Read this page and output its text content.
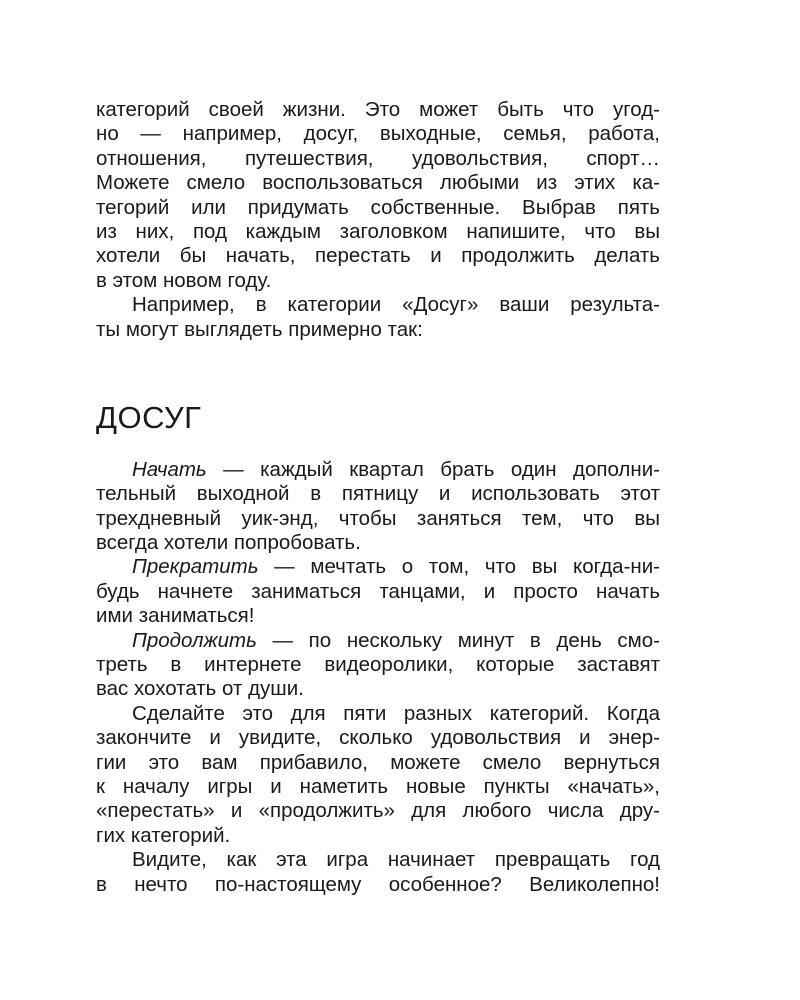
категорий своей жизни. Это может быть что угод-
но — например, досуг, выходные, семья, работа,
отношения, путешествия, удовольствия, спорт…
Можете смело воспользоваться любыми из этих ка-
тегорий или придумать собственные. Выбрав пять
из них, под каждым заголовком напишите, что вы
хотели бы начать, перестать и продолжить делать
в этом новом году.
Например, в категории «Досуг» ваши результа-
ты могут выглядеть примерно так:
ДОСУГ
Начать — каждый квартал брать один дополни-
тельный выходной в пятницу и использовать этот
трехдневный уик-энд, чтобы заняться тем, что вы
всегда хотели попробовать.
Прекратить — мечтать о том, что вы когда-ни-
будь начнете заниматься танцами, и просто начать
ими заниматься!
Продолжить — по нескольку минут в день смо-
треть в интернете видеоролики, которые заставят
вас хохотать от души.
Сделайте это для пяти разных категорий. Когда
закончите и увидите, сколько удовольствия и энер-
гии это вам прибавило, можете смело вернуться
к началу игры и наметить новые пункты «начать»,
«перестать» и «продолжить» для любого числа дру-
гих категорий.
Видите, как эта игра начинает превращать год
в нечто по-настоящему особенное? Великолепно!
